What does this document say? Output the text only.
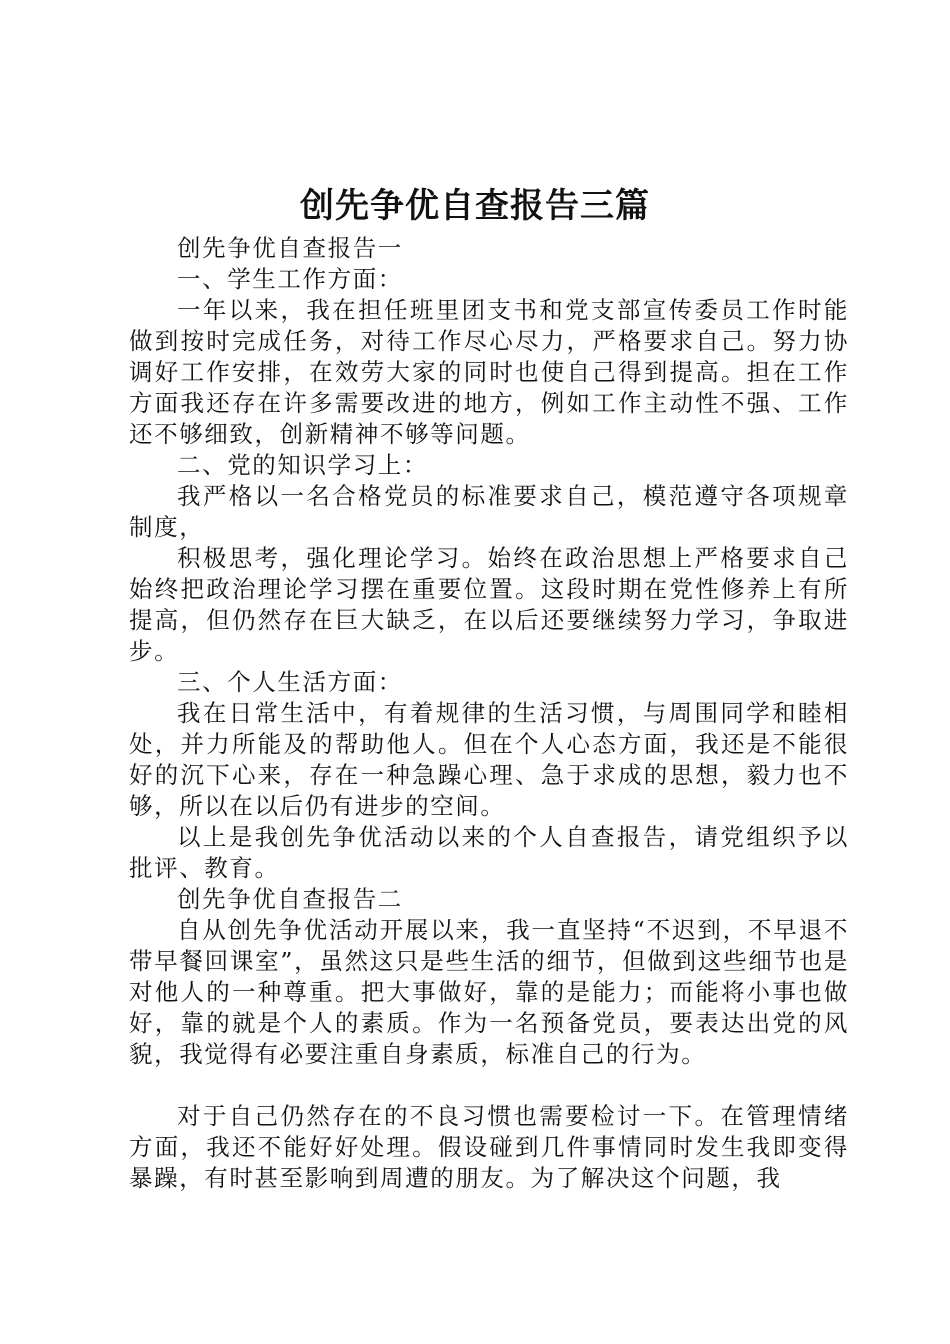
创先争优自查报告三篇

创先争优自查报告一

一、学生工作方面：

一年以来，我在担任班里团支书和党支部宣传委员工作时能做到按时完成任务，对待工作尽心尽力，严格要求自己。努力协调好工作安排，在效劳大家的同时也使自己得到提高。担在工作方面我还存在许多需要改进的地方，例如工作主动性不强、工作还不够细致，创新精神不够等问题。

二、党的知识学习上：

我严格以一名合格党员的标准要求自己，模范遵守各项规章制度，

积极思考，强化理论学习。始终在政治思想上严格要求自己始终把政治理论学习摆在重要位置。这段时期在党性修养上有所提高，但仍然存在巨大缺乏，在以后还要继续努力学习，争取进步。

三、个人生活方面：

我在日常生活中，有着规律的生活习惯，与周围同学和睦相处，并力所能及的帮助他人。但在个人心态方面，我还是不能很好的沉下心来，存在一种急躁心理、急于求成的思想，毅力也不够，所以在以后仍有进步的空间。

以上是我创先争优活动以来的个人自查报告，请党组织予以批评、教育。

创先争优自查报告二

自从创先争优活动开展以来，我一直坚持“不迟到，不早退不带早餐回课室”，虽然这只是些生活的细节，但做到这些细节也是对他人的一种尊重。把大事做好，靠的是能力；而能将小事也做好，靠的就是个人的素质。作为一名预备党员，要表达出党的风貌，我觉得有必要注重自身素质，标准自己的行为。

对于自己仍然存在的不良习惯也需要检讨一下。在管理情绪方面，我还不能好好处理。假设碰到几件事情同时发生我即变得暴躁，有时甚至影响到周遭的朋友。为了解决这个问题，我
